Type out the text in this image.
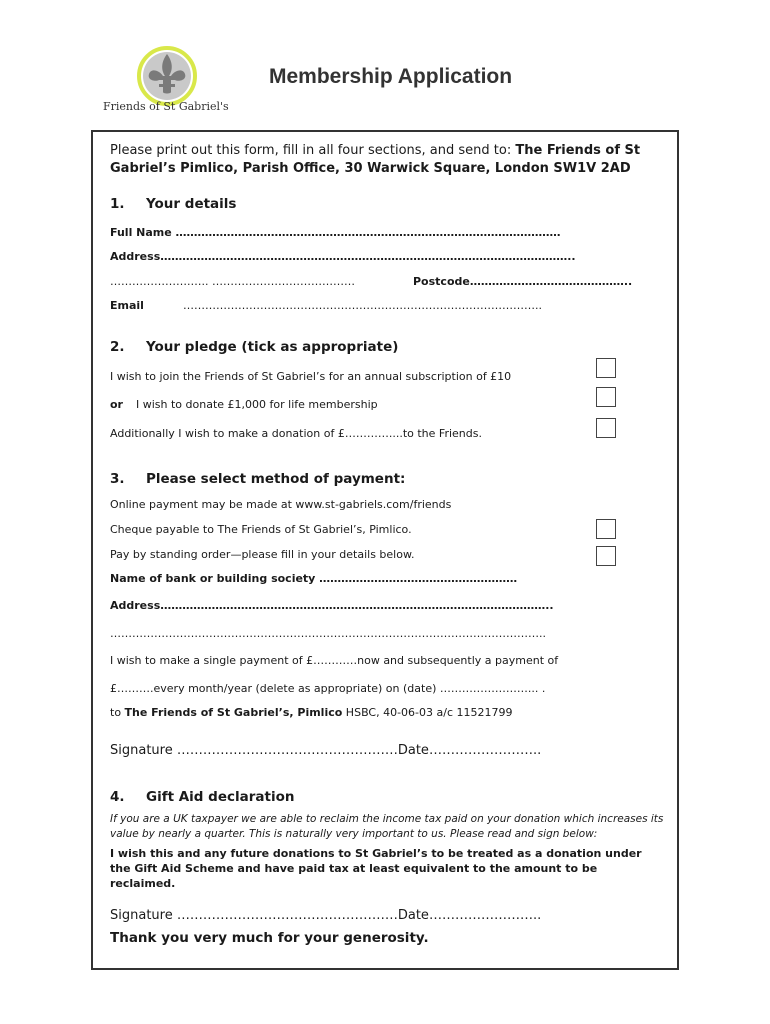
Friends of St Gabriel's
Membership Application
Please print out this form, fill in all four sections, and send to: The Friends of St Gabriel’s Pimlico, Parish Office, 30 Warwick Square, London SW1V 2AD
1. Your details
Full Name ……………………………………………………………………………………………
Address…………………………………………………………………………………………………..
………………….….. …………………………………	Postcode……………………………………..
Email	……………………………………………………………………………………..
2. Your pledge (tick as appropriate)
I wish to join the Friends of St Gabriel’s for an annual subscription of £10
or I wish to donate £1,000 for life membership
Additionally I wish to make a donation of £…………....to the Friends.
3. Please select method of payment:
Online payment may be made at www.st-gabriels.com/friends
Cheque payable to The Friends of St Gabriel’s, Pimlico.
Pay by standing order—please fill in your details below.
Name of bank or building society ………………………………………………
Address……………………………………………………………………………………………..
………………………………………………………………………………………………………..
I wish to make a single payment of £…………now and subsequently a payment of
£……….every month/year (delete as appropriate) on (date) ……………………... .
to The Friends of St Gabriel’s, Pimlico HSBC, 40-06-03 a/c 11521799
Signature ……………………………………………Date……………………..
4. Gift Aid declaration
If you are a UK taxpayer we are able to reclaim the income tax paid on your donation which increases its value by nearly a quarter. This is naturally very important to us. Please read and sign below:
I wish this and any future donations to St Gabriel’s to be treated as a donation under the Gift Aid Scheme and have paid tax at least equivalent to the amount to be reclaimed.
Signature ……………………………………………Date……………………..
Thank you very much for your generosity.
